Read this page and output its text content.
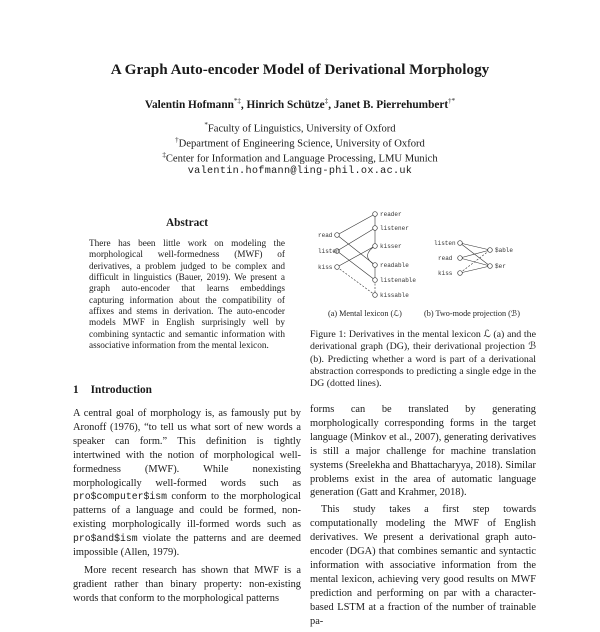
A Graph Auto-encoder Model of Derivational Morphology
Valentin Hofmann*‡, Hinrich Schütze‡, Janet B. Pierrehumbert†*
*Faculty of Linguistics, University of Oxford
†Department of Engineering Science, University of Oxford
‡Center for Information and Language Processing, LMU Munich
valentin.hofmann@ling-phil.ox.ac.uk
Abstract
There has been little work on modeling the morphological well-formedness (MWF) of derivatives, a problem judged to be complex and difficult in linguistics (Bauer, 2019). We present a graph auto-encoder that learns embeddings capturing information about the compatibility of affixes and stems in derivation. The auto-encoder models MWF in English surprisingly well by combining syntactic and semantic information with associative information from the mental lexicon.
read
listen
kiss
reader
listener
kisser
readable
listenable
kissable
listen
read
kiss
$able
$er
(a) Mental lexicon (ℒ)	(b) Two-mode projection (ℬ)
Figure 1: Derivatives in the mental lexicon ℒ (a) and the derivational graph (DG), their derivational projection ℬ (b). Predicting whether a word is part of a derivational abstraction corresponds to predicting a single edge in the DG (dotted lines).
1 Introduction

A central goal of morphology is, as famously put by Aronoff (1976), “to tell us what sort of new words a speaker can form.” This definition is tightly intertwined with the notion of morphological well-formedness (MWF). While nonexisting morphologically well-formed words such as pro$computer$ism conform to the morphological patterns of a language and could be formed, non-existing morphologically ill-formed words such as pro$and$ism violate the patterns and are deemed impossible (Allen, 1979).

More recent research has shown that MWF is a gradient rather than binary property: non-existing words that conform to the morphological patterns

forms can be translated by generating morphologically corresponding forms in the target language (Minkov et al., 2007), generating derivatives is still a major challenge for machine translation systems (Sreelekha and Bhattacharyya, 2018). Similar problems exist in the area of automatic language generation (Gatt and Krahmer, 2018).

This study takes a first step towards computationally modeling the MWF of English derivatives. We present a derivational graph auto-encoder (DGA) that combines semantic and syntactic information with associative information from the mental lexicon, achieving very good results on MWF prediction and performing on par with a character-based LSTM at a fraction of the number of trainable pa-
